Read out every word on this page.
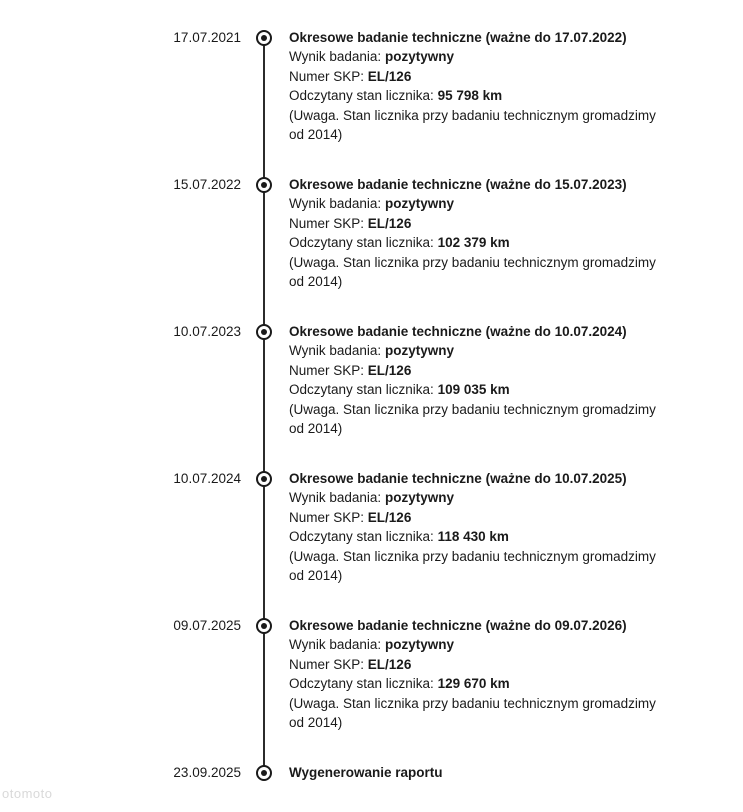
17.07.2021	Okresowe badanie techniczne (ważne do 17.07.2022)
Wynik badania: pozytywny
Numer SKP: EL/126
Odczytany stan licznika: 95 798 km
(Uwaga. Stan licznika przy badaniu technicznym gromadzimy od 2014)
15.07.2022	Okresowe badanie techniczne (ważne do 15.07.2023)
Wynik badania: pozytywny
Numer SKP: EL/126
Odczytany stan licznika: 102 379 km
(Uwaga. Stan licznika przy badaniu technicznym gromadzimy od 2014)
10.07.2023	Okresowe badanie techniczne (ważne do 10.07.2024)
Wynik badania: pozytywny
Numer SKP: EL/126
Odczytany stan licznika: 109 035 km
(Uwaga. Stan licznika przy badaniu technicznym gromadzimy od 2014)
10.07.2024	Okresowe badanie techniczne (ważne do 10.07.2025)
Wynik badania: pozytywny
Numer SKP: EL/126
Odczytany stan licznika: 118 430 km
(Uwaga. Stan licznika przy badaniu technicznym gromadzimy od 2014)
09.07.2025	Okresowe badanie techniczne (ważne do 09.07.2026)
Wynik badania: pozytywny
Numer SKP: EL/126
Odczytany stan licznika: 129 670 km
(Uwaga. Stan licznika przy badaniu technicznym gromadzimy od 2014)
23.09.2025	Wygenerowanie raportu
otomoto
